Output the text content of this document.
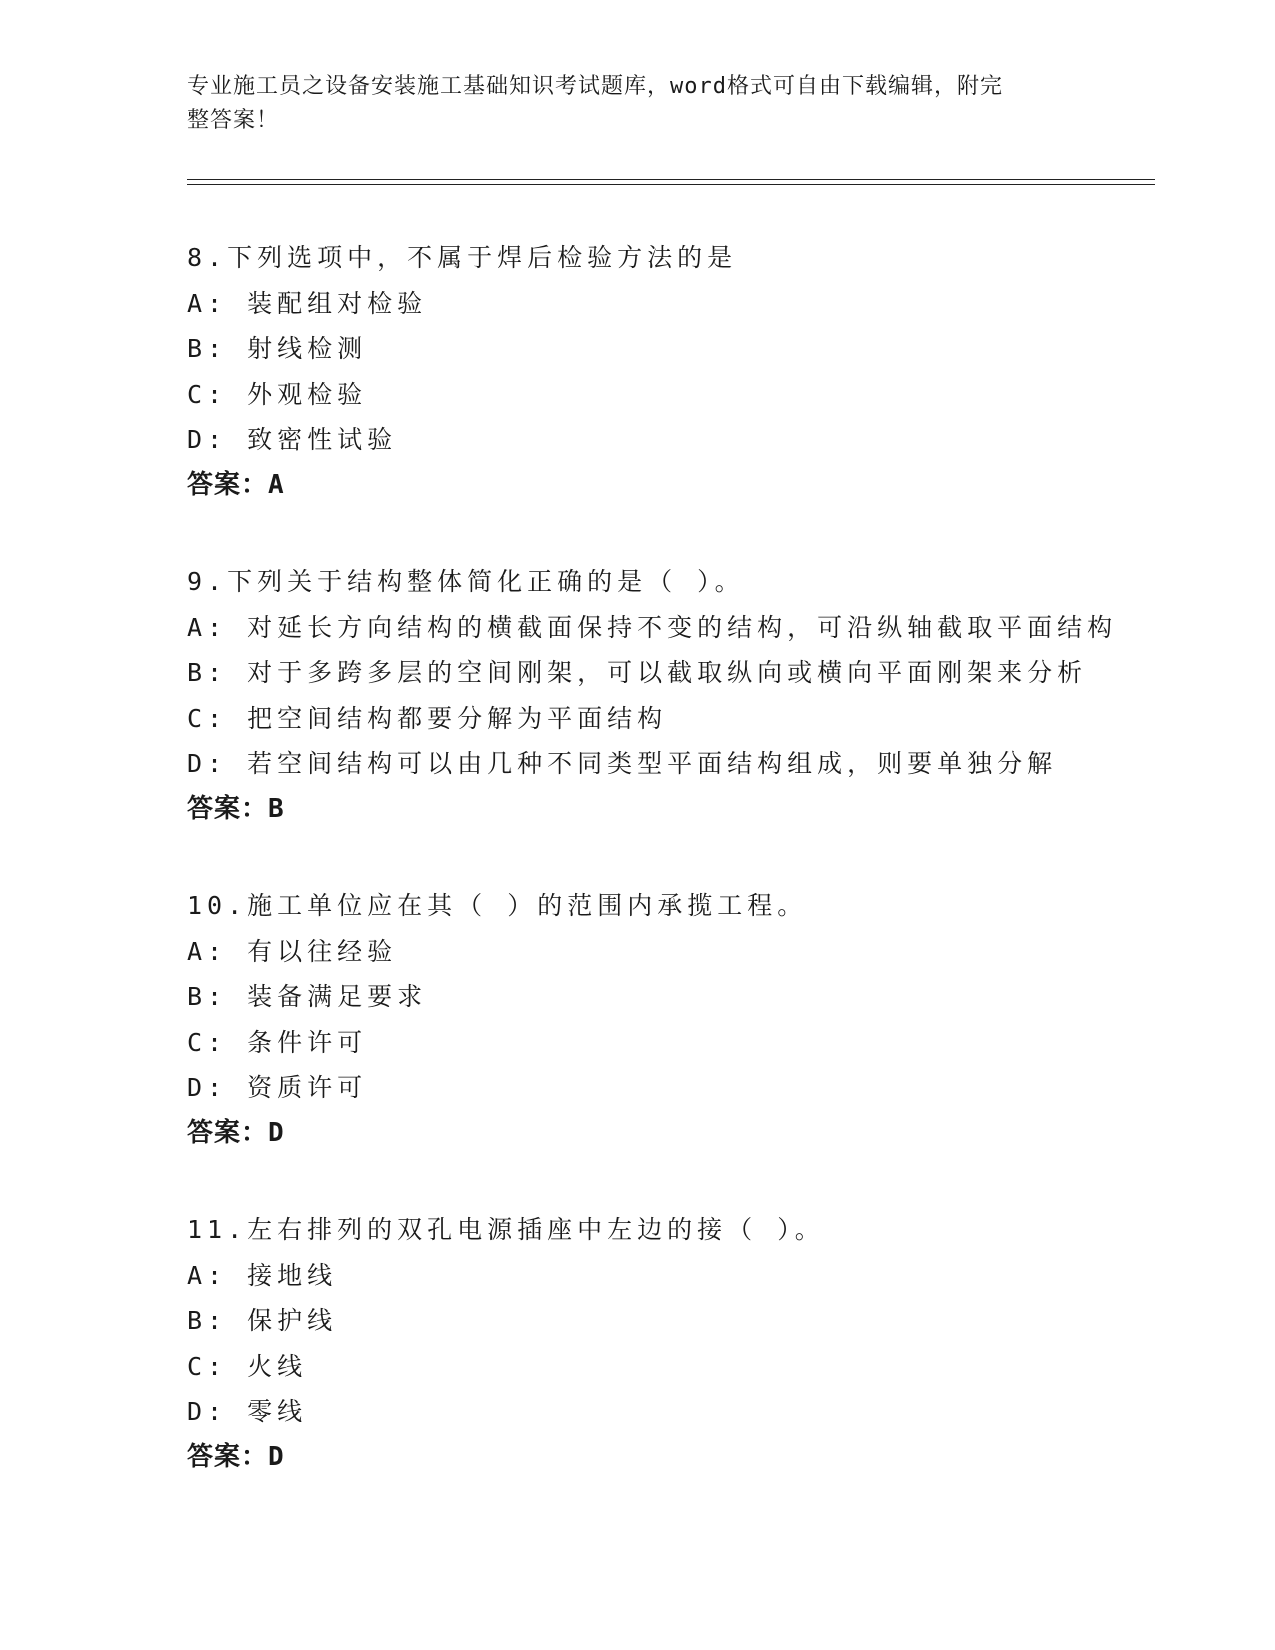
专业施工员之设备安装施工基础知识考试题库，word格式可自由下载编辑，附完
整答案！
8.下列选项中，不属于焊后检验方法的是
A: 装配组对检验
B: 射线检测
C: 外观检验
D: 致密性试验
答案：A
9.下列关于结构整体简化正确的是（ ）。
A: 对延长方向结构的横截面保持不变的结构，可沿纵轴截取平面结构
B: 对于多跨多层的空间刚架，可以截取纵向或横向平面刚架来分析
C: 把空间结构都要分解为平面结构
D: 若空间结构可以由几种不同类型平面结构组成，则要单独分解
答案：B
10.施工单位应在其（ ）的范围内承揽工程。
A: 有以往经验
B: 装备满足要求
C: 条件许可
D: 资质许可
答案：D
11.左右排列的双孔电源插座中左边的接（ ）。
A: 接地线
B: 保护线
C: 火线
D: 零线
答案：D
